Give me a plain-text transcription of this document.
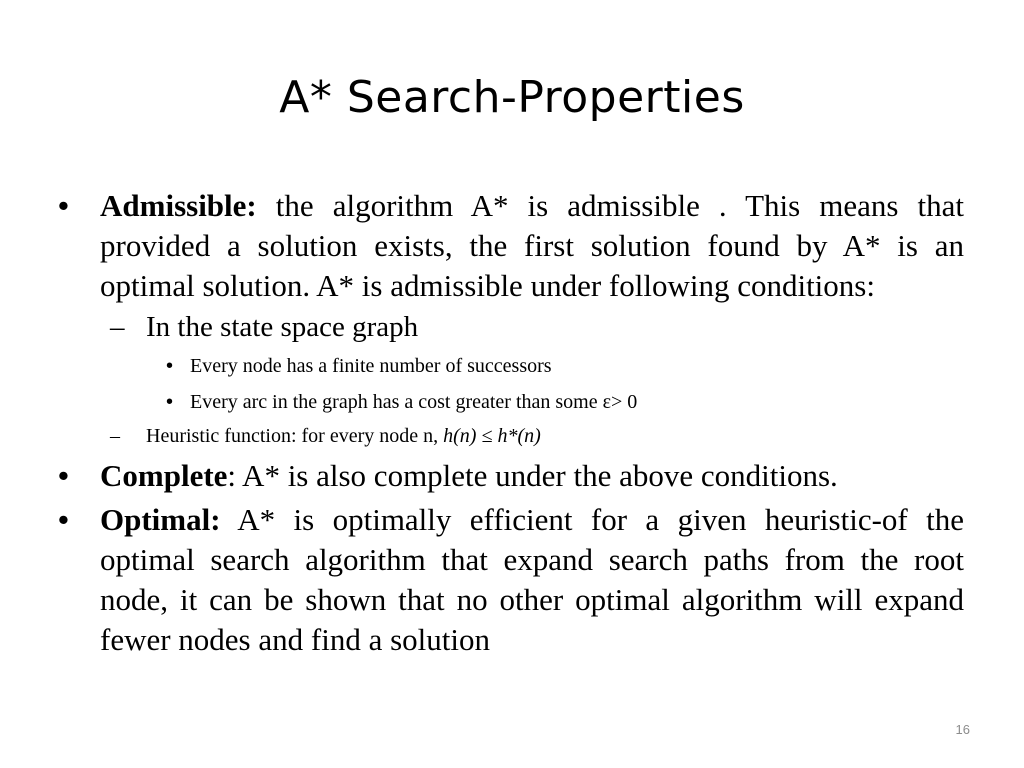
A* Search-Properties
• Admissible: the algorithm A* is admissible . This means that provided a solution exists, the first solution found by A* is an optimal solution. A* is admissible under following conditions:
– In the state space graph
• Every node has a finite number of successors
• Every arc in the graph has a cost greater than some ε> 0
– Heuristic function: for every node n, h(n) ≤ h*(n)
• Complete: A* is also complete under the above conditions.
• Optimal: A* is optimally efficient for a given heuristic-of the optimal search algorithm that expand search paths from the root node, it can be shown that no other optimal algorithm will expand fewer nodes and find a solution
16
